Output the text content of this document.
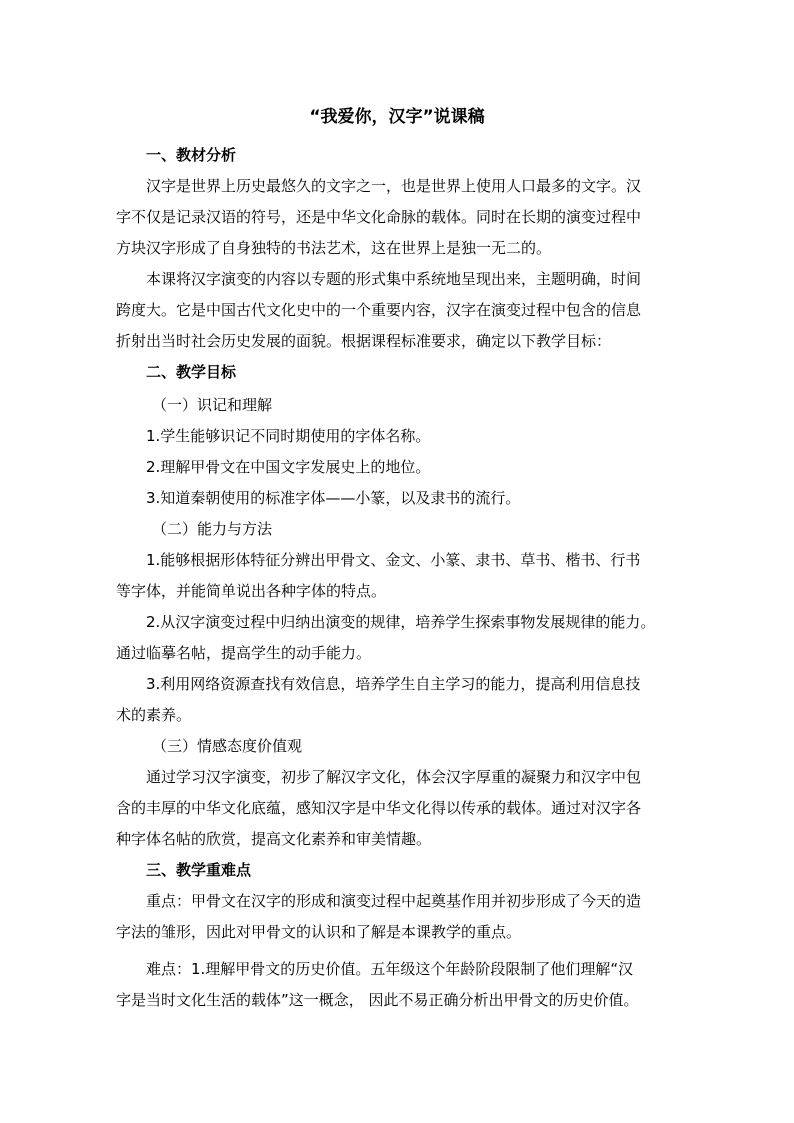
“我爱你，汉字”说课稿
一、教材分析
汉字是世界上历史最悠久的文字之一，也是世界上使用人口最多的文字。汉
字不仅是记录汉语的符号，还是中华文化命脉的载体。同时在长期的演变过程中
方块汉字形成了自身独特的书法艺术，这在世界上是独一无二的。
本课将汉字演变的内容以专题的形式集中系统地呈现出来，主题明确，时间
跨度大。它是中国古代文化史中的一个重要内容，汉字在演变过程中包含的信息
折射出当时社会历史发展的面貌。根据课程标准要求，确定以下教学目标：
二、教学目标
（一）识记和理解
1.学生能够识记不同时期使用的字体名称。
2.理解甲骨文在中国文字发展史上的地位。
3.知道秦朝使用的标准字体——小篆，以及隶书的流行。
（二）能力与方法
1.能够根据形体特征分辨出甲骨文、金文、小篆、隶书、草书、楷书、行书
等字体，并能简单说出各种字体的特点。
2.从汉字演变过程中归纳出演变的规律，培养学生探索事物发展规律的能力。
通过临摹名帖，提高学生的动手能力。
3.利用网络资源查找有效信息，培养学生自主学习的能力，提高利用信息技
术的素养。
（三）情感态度价值观
通过学习汉字演变，初步了解汉字文化，体会汉字厚重的凝聚力和汉字中包
含的丰厚的中华文化底蕴，感知汉字是中华文化得以传承的载体。通过对汉字各
种字体名帖的欣赏，提高文化素养和审美情趣。
三、教学重难点
重点：甲骨文在汉字的形成和演变过程中起奠基作用并初步形成了今天的造
字法的雏形，因此对甲骨文的认识和了解是本课教学的重点。
难点：1.理解甲骨文的历史价值。五年级这个年龄阶段限制了他们理解“汉
字是当时文化生活的载体”这一概念， 因此不易正确分析出甲骨文的历史价值。
